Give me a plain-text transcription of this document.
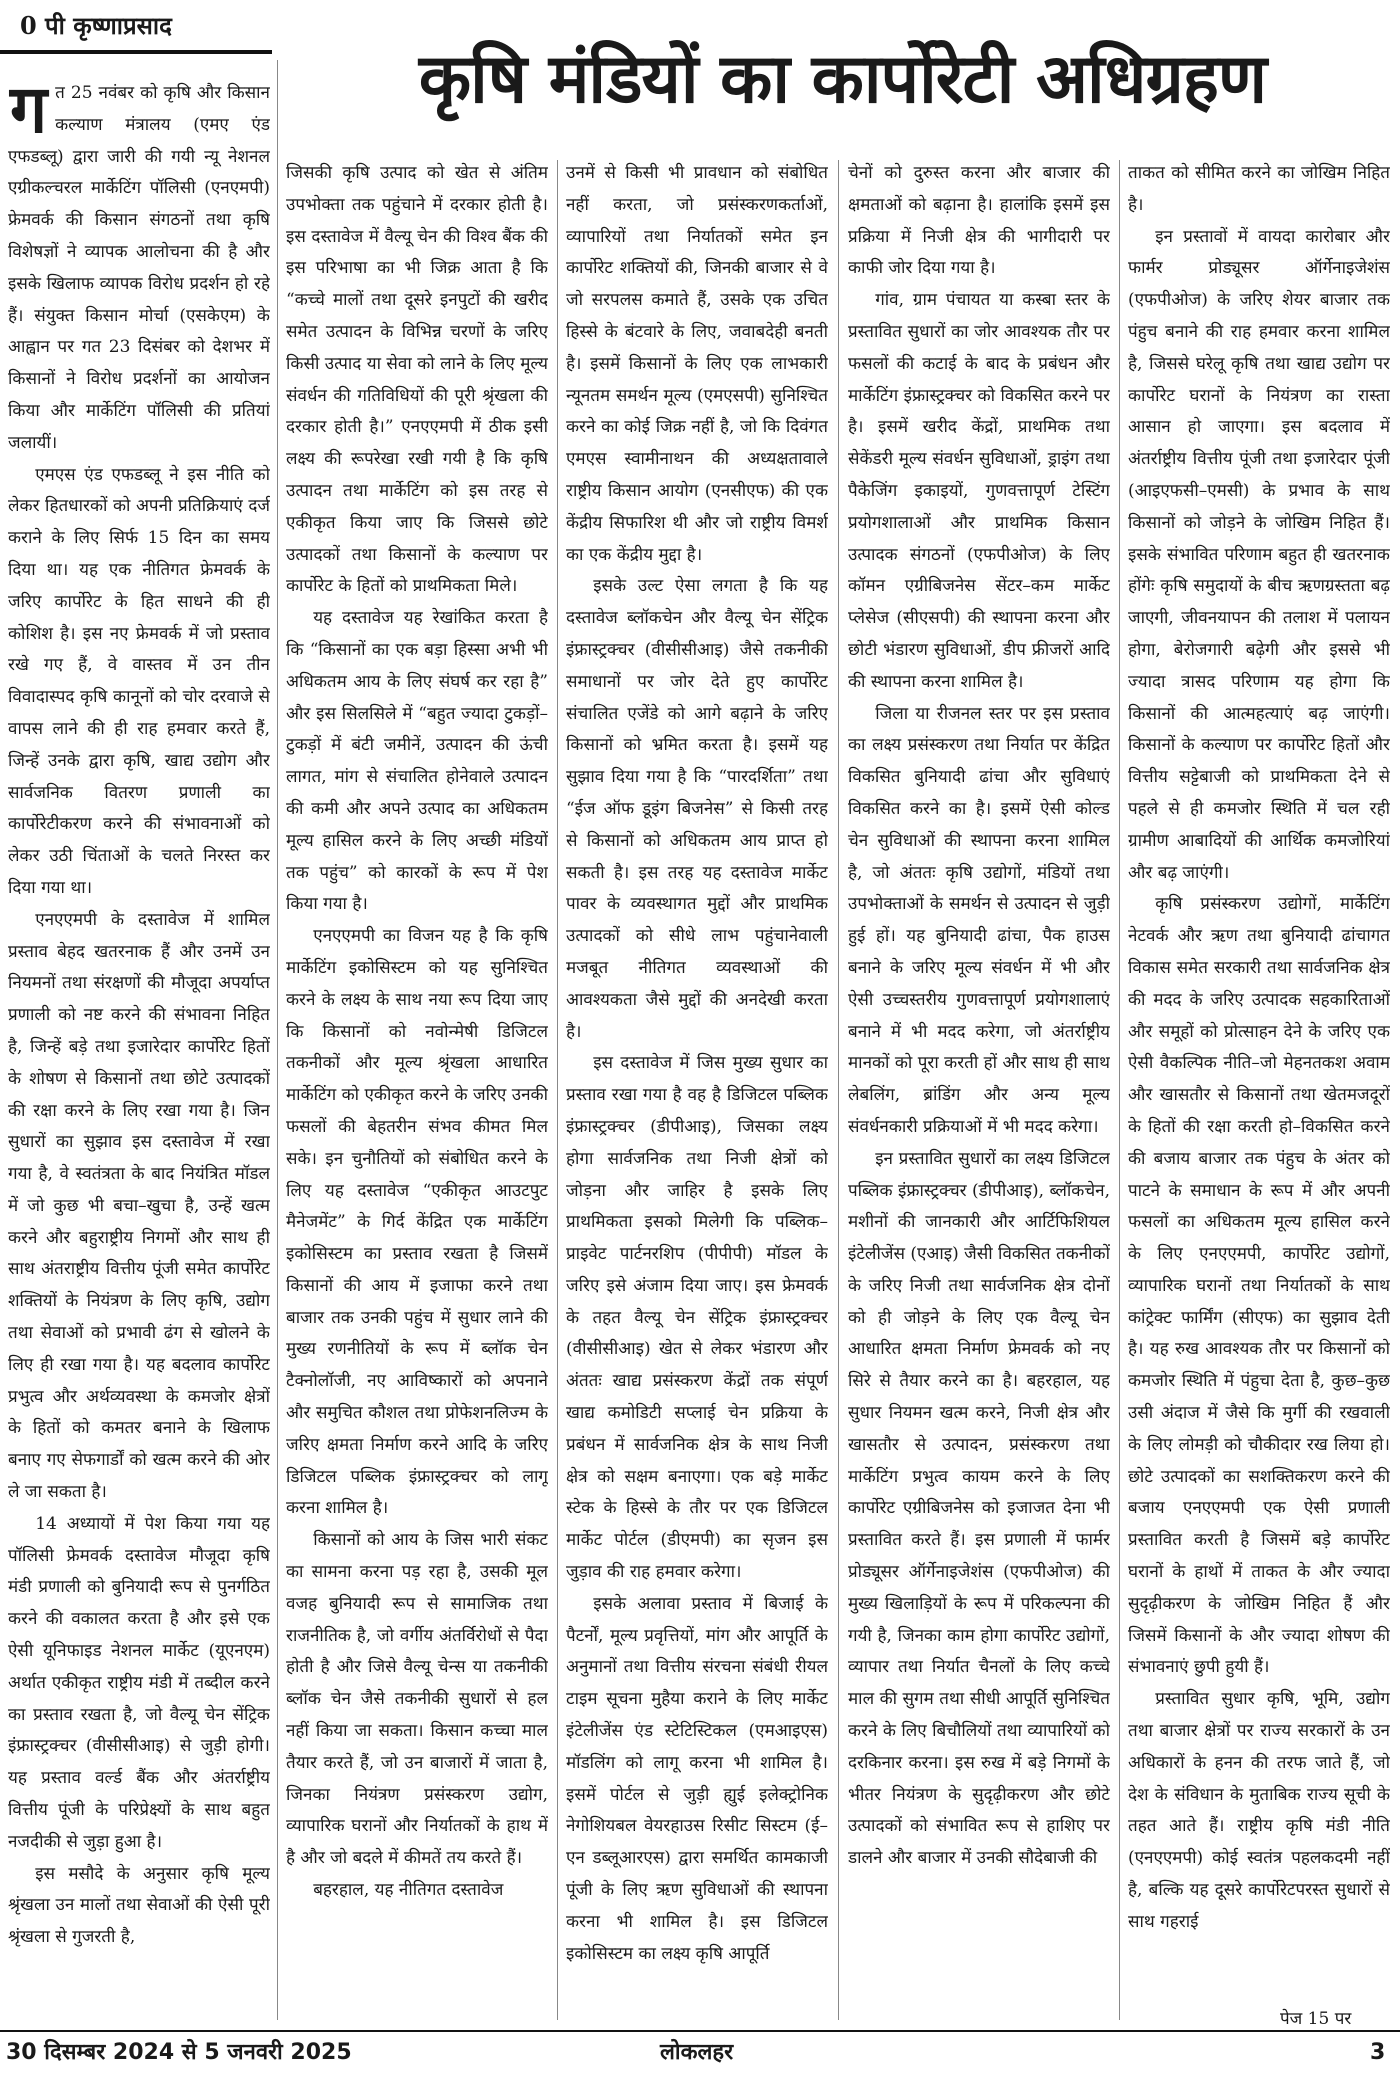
0 पी कृष्णाप्रसाद
कृषि मंडियों का कार्पोरेटी अधिग्रहण

गत 25 नवंबर को कृषि और किसान कल्याण मंत्रालय (एमए एंड एफडब्लू) द्वारा जारी की गयी न्यू नेशनल एग्रीकल्चरल मार्केटिंग पॉलिसी (एनएमपी) फ्रेमवर्क की किसान संगठनों तथा कृषि विशेषज्ञों ने व्यापक आलोचना की है और इसके खिलाफ व्यापक विरोध प्रदर्शन हो रहे हैं। संयुक्त किसान मोर्चा (एसकेएम) के आह्वान पर गत 23 दिसंबर को देशभर में किसानों ने विरोध प्रदर्शनों का आयोजन किया और मार्केटिंग पॉलिसी की प्रतियां जलायीं।

एमएस एंड एफडब्लू ने इस नीति को लेकर हितधारकों को अपनी प्रतिक्रियाएं दर्ज कराने के लिए सिर्फ 15 दिन का समय दिया था। यह एक नीतिगत फ्रेमवर्क के जरिए कार्पोरेट के हित साधने की ही कोशिश है। इस नए फ्रेमवर्क में जो प्रस्ताव रखे गए हैं, वे वास्तव में उन तीन विवादास्पद कृषि कानूनों को चोर दरवाजे से वापस लाने की ही राह हमवार करते हैं, जिन्हें उनके द्वारा कृषि, खाद्य उद्योग और सार्वजनिक वितरण प्रणाली का कार्पोरेटीकरण करने की संभावनाओं को लेकर उठी चिंताओं के चलते निरस्त कर दिया गया था।

एनएएमपी के दस्तावेज में शामिल प्रस्ताव बेहद खतरनाक हैं और उनमें उन नियमनों तथा संरक्षणों की मौजूदा अपर्याप्त प्रणाली को नष्ट करने की संभावना निहित है, जिन्हें बड़े तथा इजारेदार कार्पोरेट हितों के शोषण से किसानों तथा छोटे उत्पादकों की रक्षा करने के लिए रखा गया है। जिन सुधारों का सुझाव इस दस्तावेज में रखा गया है, वे स्वतंत्रता के बाद नियंत्रित मॉडल में जो कुछ भी बचा–खुचा है, उन्हें खत्म करने और बहुराष्ट्रीय निगमों और साथ ही साथ अंतराष्ट्रीय वित्तीय पूंजी समेत कार्पोरेट शक्तियों के नियंत्रण के लिए कृषि, उद्योग तथा सेवाओं को प्रभावी ढंग से खोलने के लिए ही रखा गया है। यह बदलाव कार्पोरेट प्रभुत्व और अर्थव्यवस्था के कमजोर क्षेत्रों के हितों को कमतर बनाने के खिलाफ बनाए गए सेफगार्डों को खत्म करने की ओर ले जा सकता है।

14 अध्यायों में पेश किया गया यह पॉलिसी फ्रेमवर्क दस्तावेज मौजूदा कृषि मंडी प्रणाली को बुनियादी रूप से पुनर्गठित करने की वकालत करता है और इसे एक ऐसी यूनिफाइड नेशनल मार्केट (यूएनएम) अर्थात एकीकृत राष्ट्रीय मंडी में तब्दील करने का प्रस्ताव रखता है, जो वैल्यू चेन सेंट्रिक इंफ्रास्ट्रक्चर (वीसीसीआइ) से जुड़ी होगी। यह प्रस्ताव वर्ल्ड बैंक और अंतर्राष्ट्रीय वित्तीय पूंजी के परिप्रेक्ष्यों के साथ बहुत नजदीकी से जुड़ा हुआ है।

इस मसौदे के अनुसार कृषि मूल्य श्रृंखला उन मालों तथा सेवाओं की ऐसी पूरी श्रृंखला से गुजरती है,

जिसकी कृषि उत्पाद को खेत से अंतिम उपभोक्ता तक पहुंचाने में दरकार होती है। इस दस्तावेज में वैल्यू चेन की विश्व बैंक की इस परिभाषा का भी जिक्र आता है कि “कच्चे मालों तथा दूसरे इनपुटों की खरीद समेत उत्पादन के विभिन्न चरणों के जरिए किसी उत्पाद या सेवा को लाने के लिए मूल्य संवर्धन की गतिविधियों की पूरी श्रृंखला की दरकार होती है।” एनएएमपी में ठीक इसी लक्ष्य की रूपरेखा रखी गयी है कि कृषि उत्पादन तथा मार्केटिंग को इस तरह से एकीकृत किया जाए कि जिससे छोटे उत्पादकों तथा किसानों के कल्याण पर कार्पोरेट के हितों को प्राथमिकता मिले।

यह दस्तावेज यह रेखांकित करता है कि “किसानों का एक बड़ा हिस्सा अभी भी अधिकतम आय के लिए संघर्ष कर रहा है” और इस सिलसिले में “बहुत ज्यादा टुकड़ों–टुकड़ों में बंटी जमीनें, उत्पादन की ऊंची लागत, मांग से संचालित होनेवाले उत्पादन की कमी और अपने उत्पाद का अधिकतम मूल्य हासिल करने के लिए अच्छी मंडियों तक पहुंच” को कारकों के रूप में पेश किया गया है।

एनएएमपी का विजन यह है कि कृषि मार्केटिंग इकोसिस्टम को यह सुनिश्चित करने के लक्ष्य के साथ नया रूप दिया जाए कि किसानों को नवोन्मेषी डिजिटल तकनीकों और मूल्य श्रृंखला आधारित मार्केटिंग को एकीकृत करने के जरिए उनकी फसलों की बेहतरीन संभव कीमत मिल सके। इन चुनौतियों को संबोधित करने के लिए यह दस्तावेज “एकीकृत आउटपुट मैनेजमेंट” के गिर्द केंद्रित एक मार्केटिंग इकोसिस्टम का प्रस्ताव रखता है जिसमें किसानों की आय में इजाफा करने तथा बाजार तक उनकी पहुंच में सुधार लाने की मुख्य रणनीतियों के रूप में ब्लॉक चेन टैक्नोलॉजी, नए आविष्कारों को अपनाने और समुचित कौशल तथा प्रोफेशनलिज्म के जरिए क्षमता निर्माण करने आदि के जरिए डिजिटल पब्लिक इंफ्रास्ट्रक्चर को लागू करना शामिल है।

किसानों को आय के जिस भारी संकट का सामना करना पड़ रहा है, उसकी मूल वजह बुनियादी रूप से सामाजिक तथा राजनीतिक है, जो वर्गीय अंतर्विरोधों से पैदा होती है और जिसे वैल्यू चेन्स या तकनीकी ब्लॉक चेन जैसे तकनीकी सुधारों से हल नहीं किया जा सकता। किसान कच्चा माल तैयार करते हैं, जो उन बाजारों में जाता है, जिनका नियंत्रण प्रसंस्करण उद्योग, व्यापारिक घरानों और निर्यातकों के हाथ में है और जो बदले में कीमतें तय करते हैं।

बहरहाल, यह नीतिगत दस्तावेज

उनमें से किसी भी प्रावधान को संबोधित नहीं करता, जो प्रसंस्करणकर्ताओं, व्यापारियों तथा निर्यातकों समेत इन कार्पोरेट शक्तियों की, जिनकी बाजार से वे जो सरपलस कमाते हैं, उसके एक उचित हिस्से के बंटवारे के लिए, जवाबदेही बनती है। इसमें किसानों के लिए एक लाभकारी न्यूनतम समर्थन मूल्य (एमएसपी) सुनिश्चित करने का कोई जिक्र नहीं है, जो कि दिवंगत एमएस स्वामीनाथन की अध्यक्षतावाले राष्ट्रीय किसान आयोग (एनसीएफ) की एक केंद्रीय सिफारिश थी और जो राष्ट्रीय विमर्श का एक केंद्रीय मुद्दा है।

इसके उल्ट ऐसा लगता है कि यह दस्तावेज ब्लॉकचेन और वैल्यू चेन सेंट्रिक इंफ्रास्ट्रक्चर (वीसीसीआइ) जैसे तकनीकी समाधानों पर जोर देते हुए कार्पोरेट संचालित एजेंडे को आगे बढ़ाने के जरिए किसानों को भ्रमित करता है। इसमें यह सुझाव दिया गया है कि “पारदर्शिता” तथा “ईज ऑफ डूइंग बिजनेस” से किसी तरह से किसानों को अधिकतम आय प्राप्त हो सकती है। इस तरह यह दस्तावेज मार्केट पावर के व्यवस्थागत मुद्दों और प्राथमिक उत्पादकों को सीधे लाभ पहुंचानेवाली मजबूत नीतिगत व्यवस्थाओं की आवश्यकता जैसे मुद्दों की अनदेखी करता है।

इस दस्तावेज में जिस मुख्य सुधार का प्रस्ताव रखा गया है वह है डिजिटल पब्लिक इंफ्रास्ट्रक्चर (डीपीआइ), जिसका लक्ष्य होगा सार्वजनिक तथा निजी क्षेत्रों को जोड़ना और जाहिर है इसके लिए प्राथमिकता इसको मिलेगी कि पब्लिक–प्राइवेट पार्टनरशिप (पीपीपी) मॉडल के जरिए इसे अंजाम दिया जाए। इस फ्रेमवर्क के तहत वैल्यू चेन सेंट्रिक इंफ्रास्ट्रक्चर (वीसीसीआइ) खेत से लेकर भंडारण और अंततः खाद्य प्रसंस्करण केंद्रों तक संपूर्ण खाद्य कमोडिटी सप्लाई चेन प्रक्रिया के प्रबंधन में सार्वजनिक क्षेत्र के साथ निजी क्षेत्र को सक्षम बनाएगा। एक बड़े मार्केट स्टेक के हिस्से के तौर पर एक डिजिटल मार्केट पोर्टल (डीएमपी) का सृजन इस जुड़ाव की राह हमवार करेगा।

इसके अलावा प्रस्ताव में बिजाई के पैटर्नों, मूल्य प्रवृत्तियों, मांग और आपूर्ति के अनुमानों तथा वित्तीय संरचना संबंधी रीयल टाइम सूचना मुहैया कराने के लिए मार्केट इंटेलीजेंस एंड स्टेटिस्टिकल (एमआइएस) मॉडलिंग को लागू करना भी शामिल है। इसमें पोर्टल से जुड़ी ह्युई इलेक्ट्रोनिक नेगोशियबल वेयरहाउस रिसीट सिस्टम (ई–एन डब्लूआरएस) द्वारा समर्थित कामकाजी पूंजी के लिए ऋण सुविधाओं की स्थापना करना भी शामिल है। इस डिजिटल इकोसिस्टम का लक्ष्य कृषि आपूर्ति

चेनों को दुरुस्त करना और बाजार की क्षमताओं को बढ़ाना है। हालांकि इसमें इस प्रक्रिया में निजी क्षेत्र की भागीदारी पर काफी जोर दिया गया है।

गांव, ग्राम पंचायत या कस्बा स्तर के प्रस्तावित सुधारों का जोर आवश्यक तौर पर फसलों की कटाई के बाद के प्रबंधन और मार्केटिंग इंफ्रास्ट्रक्चर को विकसित करने पर है। इसमें खरीद केंद्रों, प्राथमिक तथा सेकेंडरी मूल्य संवर्धन सुविधाओं, ड्राइंग तथा पैकेजिंग इकाइयों, गुणवत्तापूर्ण टेस्टिंग प्रयोगशालाओं और प्राथमिक किसान उत्पादक संगठनों (एफपीओज) के लिए कॉमन एग्रीबिजनेस सेंटर–कम मार्केट प्लेसेज (सीएसपी) की स्थापना करना और छोटी भंडारण सुविधाओं, डीप फ्रीजरों आदि की स्थापना करना शामिल है।

जिला या रीजनल स्तर पर इस प्रस्ताव का लक्ष्य प्रसंस्करण तथा निर्यात पर केंद्रित विकसित बुनियादी ढांचा और सुविधाएं विकसित करने का है। इसमें ऐसी कोल्ड चेन सुविधाओं की स्थापना करना शामिल है, जो अंततः कृषि उद्योगों, मंडियों तथा उपभोक्ताओं के समर्थन से उत्पादन से जुड़ी हुई हों। यह बुनियादी ढांचा, पैक हाउस बनाने के जरिए मूल्य संवर्धन में भी और ऐसी उच्चस्तरीय गुणवत्तापूर्ण प्रयोगशालाएं बनाने में भी मदद करेगा, जो अंतर्राष्ट्रीय मानकों को पूरा करती हों और साथ ही साथ लेबलिंग, ब्रांडिंग और अन्य मूल्य संवर्धनकारी प्रक्रियाओं में भी मदद करेगा।

इन प्रस्तावित सुधारों का लक्ष्य डिजिटल पब्लिक इंफ्रास्ट्रक्चर (डीपीआइ), ब्लॉकचेन, मशीनों की जानकारी और आर्टिफिशियल इंटेलीजेंस (एआइ) जैसी विकसित तकनीकों के जरिए निजी तथा सार्वजनिक क्षेत्र दोनों को ही जोड़ने के लिए एक वैल्यू चेन आधारित क्षमता निर्माण फ्रेमवर्क को नए सिरे से तैयार करने का है। बहरहाल, यह सुधार नियमन खत्म करने, निजी क्षेत्र और खासतौर से उत्पादन, प्रसंस्करण तथा मार्केटिंग प्रभुत्व कायम करने के लिए कार्पोरेट एग्रीबिजनेस को इजाजत देना भी प्रस्तावित करते हैं। इस प्रणाली में फार्मर प्रोड्यूसर ऑर्गेनाइजेशंस (एफपीओज) की मुख्य खिलाड़ियों के रूप में परिकल्पना की गयी है, जिनका काम होगा कार्पोरेट उद्योगों, व्यापार तथा निर्यात चैनलों के लिए कच्चे माल की सुगम तथा सीधी आपूर्ति सुनिश्चित करने के लिए बिचौलियों तथा व्यापारियों को दरकिनार करना। इस रुख में बड़े निगमों के भीतर नियंत्रण के सुदृढ़ीकरण और छोटे उत्पादकों को संभावित रूप से हाशिए पर डालने और बाजार में उनकी सौदेबाजी की

ताकत को सीमित करने का जोखिम निहित है।

इन प्रस्तावों में वायदा कारोबार और फार्मर प्रोड्यूसर ऑर्गेनाइजेशंस (एफपीओज) के जरिए शेयर बाजार तक पंहुच बनाने की राह हमवार करना शामिल है, जिससे घरेलू कृषि तथा खाद्य उद्योग पर कार्पोरेट घरानों के नियंत्रण का रास्ता आसान हो जाएगा। इस बदलाव में अंतर्राष्ट्रीय वित्तीय पूंजी तथा इजारेदार पूंजी (आइएफसी–एमसी) के प्रभाव के साथ किसानों को जोड़ने के जोखिम निहित हैं। इसके संभावित परिणाम बहुत ही खतरनाक होंगेः कृषि समुदायों के बीच ऋणग्रस्तता बढ़ जाएगी, जीवनयापन की तलाश में पलायन होगा, बेरोजगारी बढ़ेगी और इससे भी ज्यादा त्रासद परिणाम यह होगा कि किसानों की आत्महत्याएं बढ़ जाएंगी। किसानों के कल्याण पर कार्पोरेट हितों और वित्तीय सट्टेबाजी को प्राथमिकता देने से पहले से ही कमजोर स्थिति में चल रही ग्रामीण आबादियों की आर्थिक कमजोरियां और बढ़ जाएंगी।

कृषि प्रसंस्करण उद्योगों, मार्केटिंग नेटवर्क और ऋण तथा बुनियादी ढांचागत विकास समेत सरकारी तथा सार्वजनिक क्षेत्र की मदद के जरिए उत्पादक सहकारिताओं और समूहों को प्रोत्साहन देने के जरिए एक ऐसी वैकल्पिक नीति–जो मेहनतकश अवाम और खासतौर से किसानों तथा खेतमजदूरों के हितों की रक्षा करती हो–विकसित करने की बजाय बाजार तक पंहुच के अंतर को पाटने के समाधान के रूप में और अपनी फसलों का अधिकतम मूल्य हासिल करने के लिए एनएएमपी, कार्पोरेट उद्योगों, व्यापारिक घरानों तथा निर्यातकों के साथ कांट्रेक्ट फार्मिंग (सीएफ) का सुझाव देती है। यह रुख आवश्यक तौर पर किसानों को कमजोर स्थिति में पंहुचा देता है, कुछ–कुछ उसी अंदाज में जैसे कि मुर्गी की रखवाली के लिए लोमड़ी को चौकीदार रख लिया हो। छोटे उत्पादकों का सशक्तिकरण करने की बजाय एनएएमपी एक ऐसी प्रणाली प्रस्तावित करती है जिसमें बड़े कार्पोरेट घरानों के हाथों में ताकत के और ज्यादा सुदृढ़ीकरण के जोखिम निहित हैं और जिसमें किसानों के और ज्यादा शोषण की संभावनाएं छुपी हुयी हैं।

प्रस्तावित सुधार कृषि, भूमि, उद्योग तथा बाजार क्षेत्रों पर राज्य सरकारों के उन अधिकारों के हनन की तरफ जाते हैं, जो देश के संविधान के मुताबिक राज्य सूची के तहत आते हैं। राष्ट्रीय कृषि मंडी नीति (एनएएमपी) कोई स्वतंत्र पहलकदमी नहीं है, बल्कि यह दूसरे कार्पोरेटपरस्त सुधारों से साथ गहराई

पेज 15 पर
30 दिसम्बर 2024 से 5 जनवरी 2025	लोकलहर	3
